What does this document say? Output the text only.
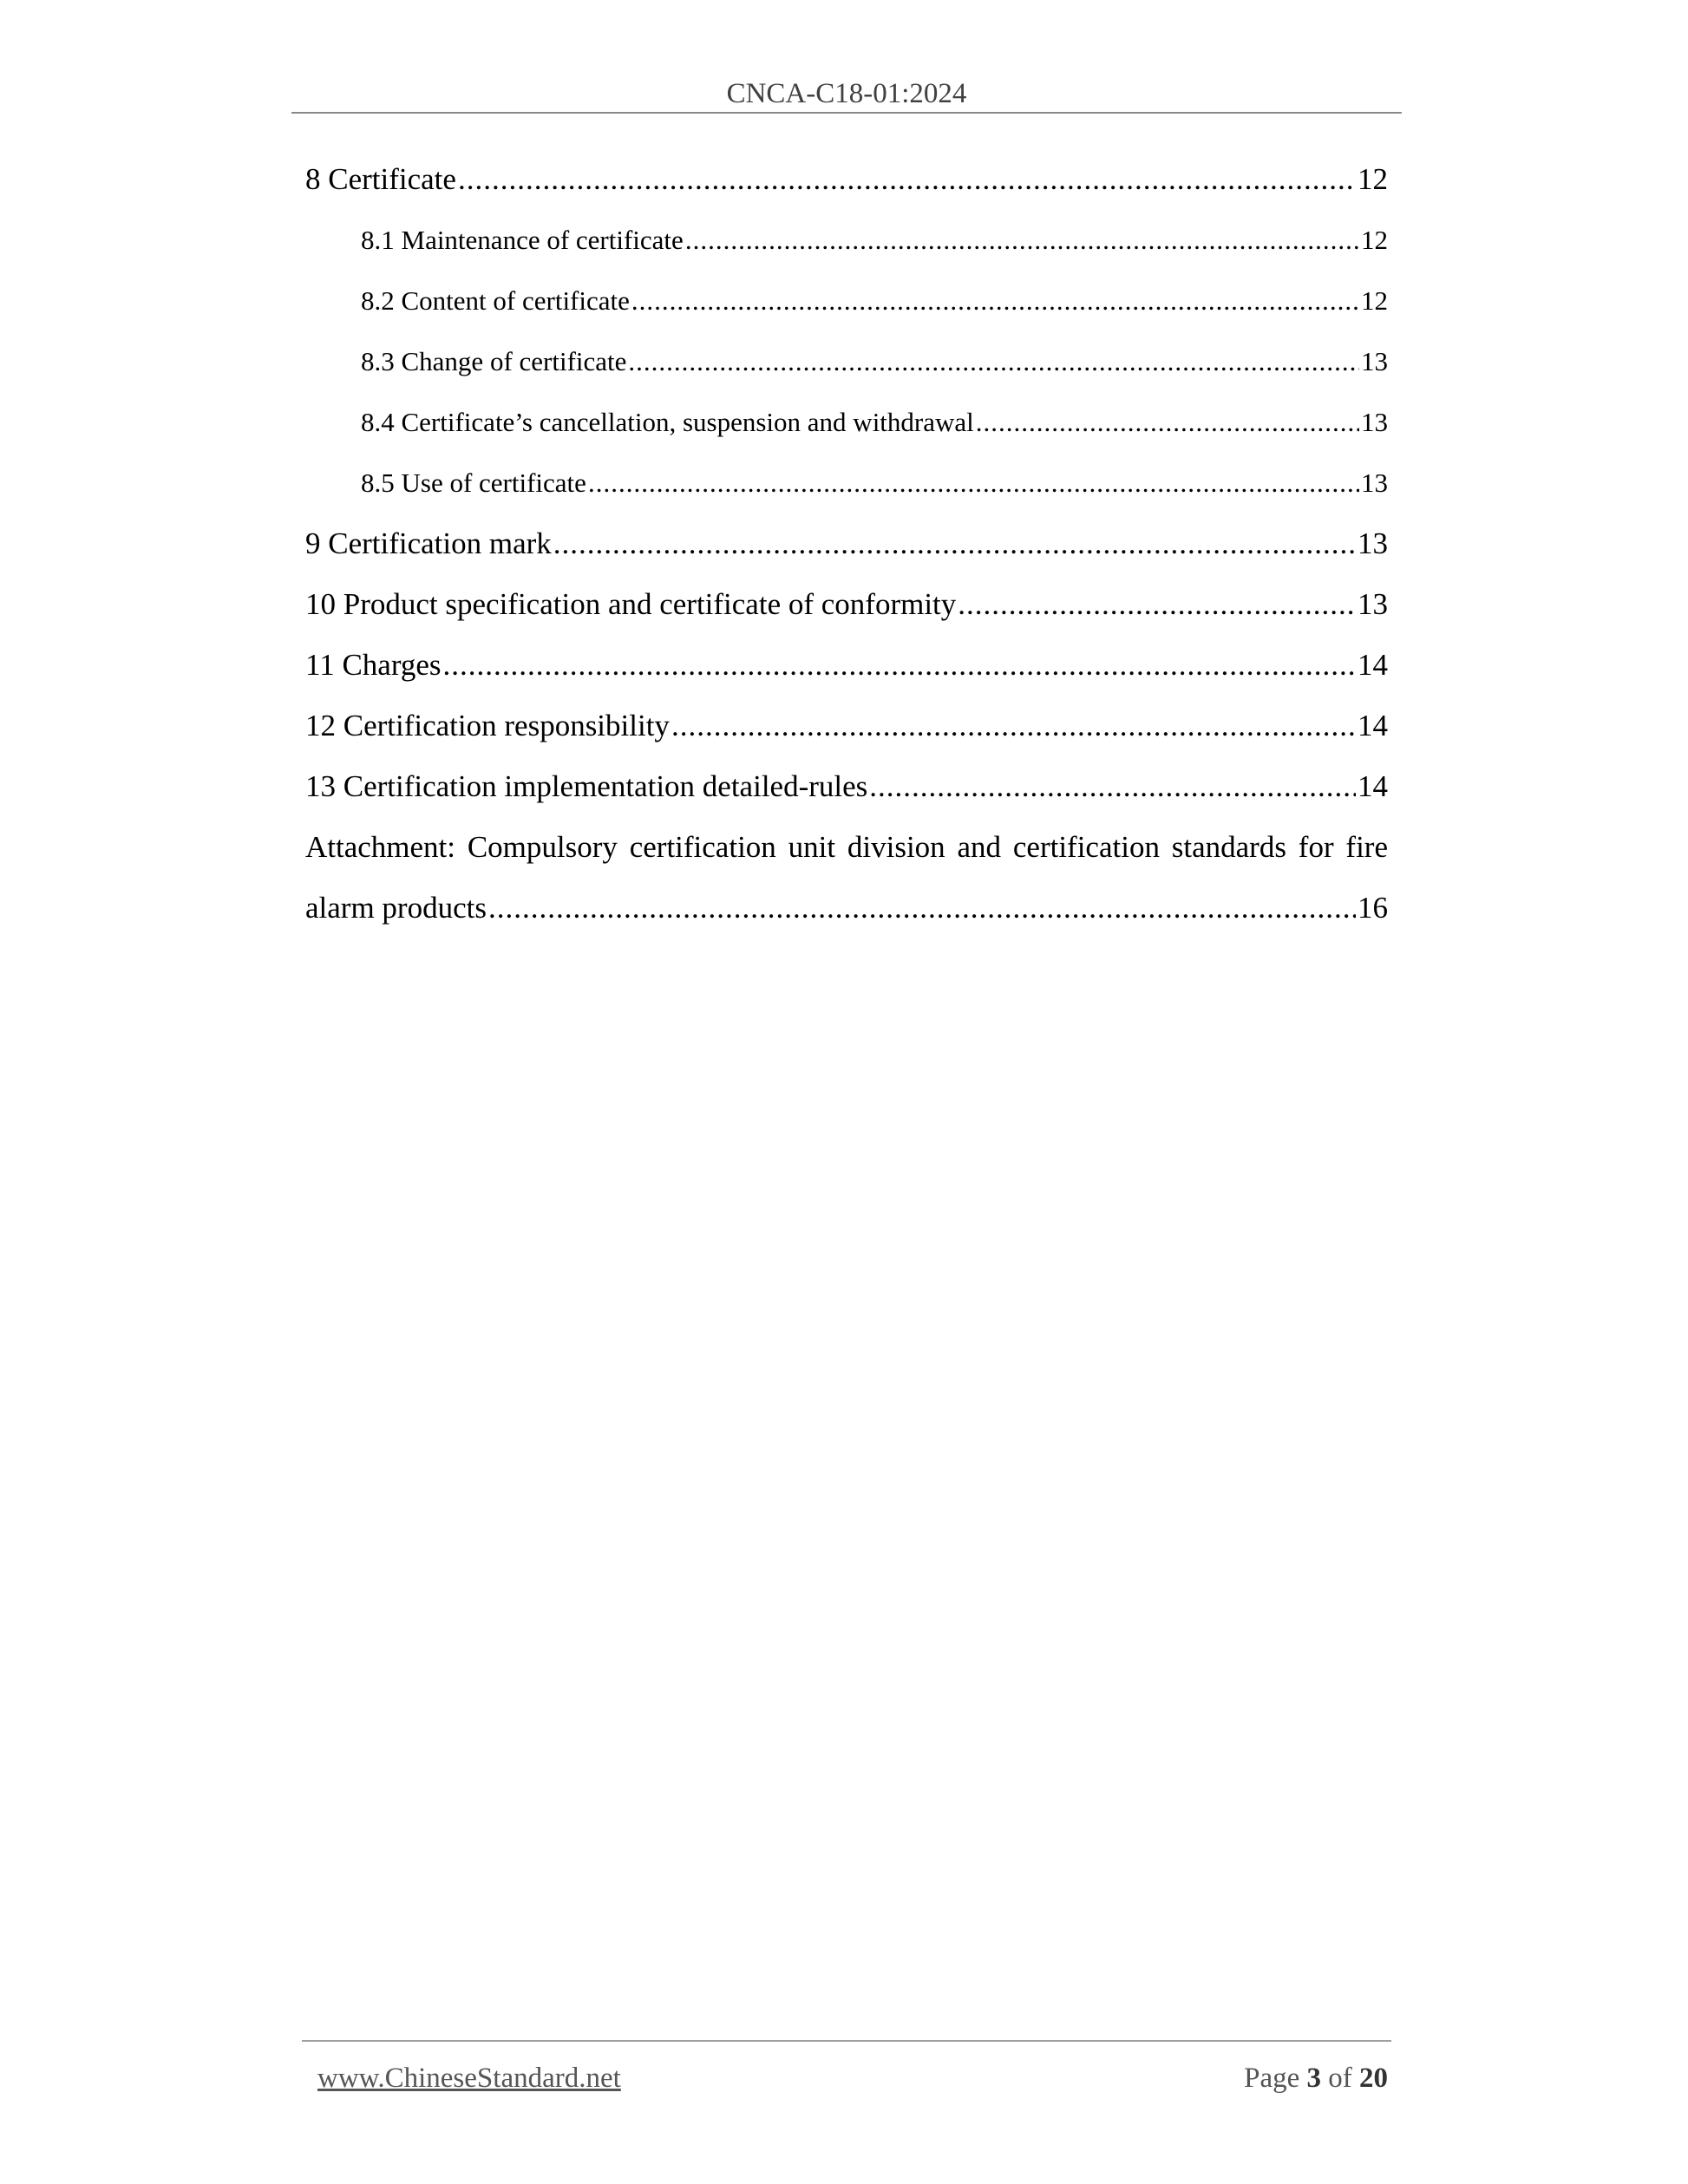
CNCA-C18-01:2024
8 Certificate .....	12
8.1 Maintenance of certificate .....	12
8.2 Content of certificate .....	12
8.3 Change of certificate .....	13
8.4 Certificate’s cancellation, suspension and withdrawal .....	13
8.5 Use of certificate .....	13
9 Certification mark .....	13
10 Product specification and certificate of conformity .....	13
11 Charges .....	14
12 Certification responsibility .....	14
13 Certification implementation detailed-rules .....	14
Attachment: Compulsory certification unit division and certification standards for fire
alarm products .....	16
www.ChineseStandard.net	Page 3 of 20
